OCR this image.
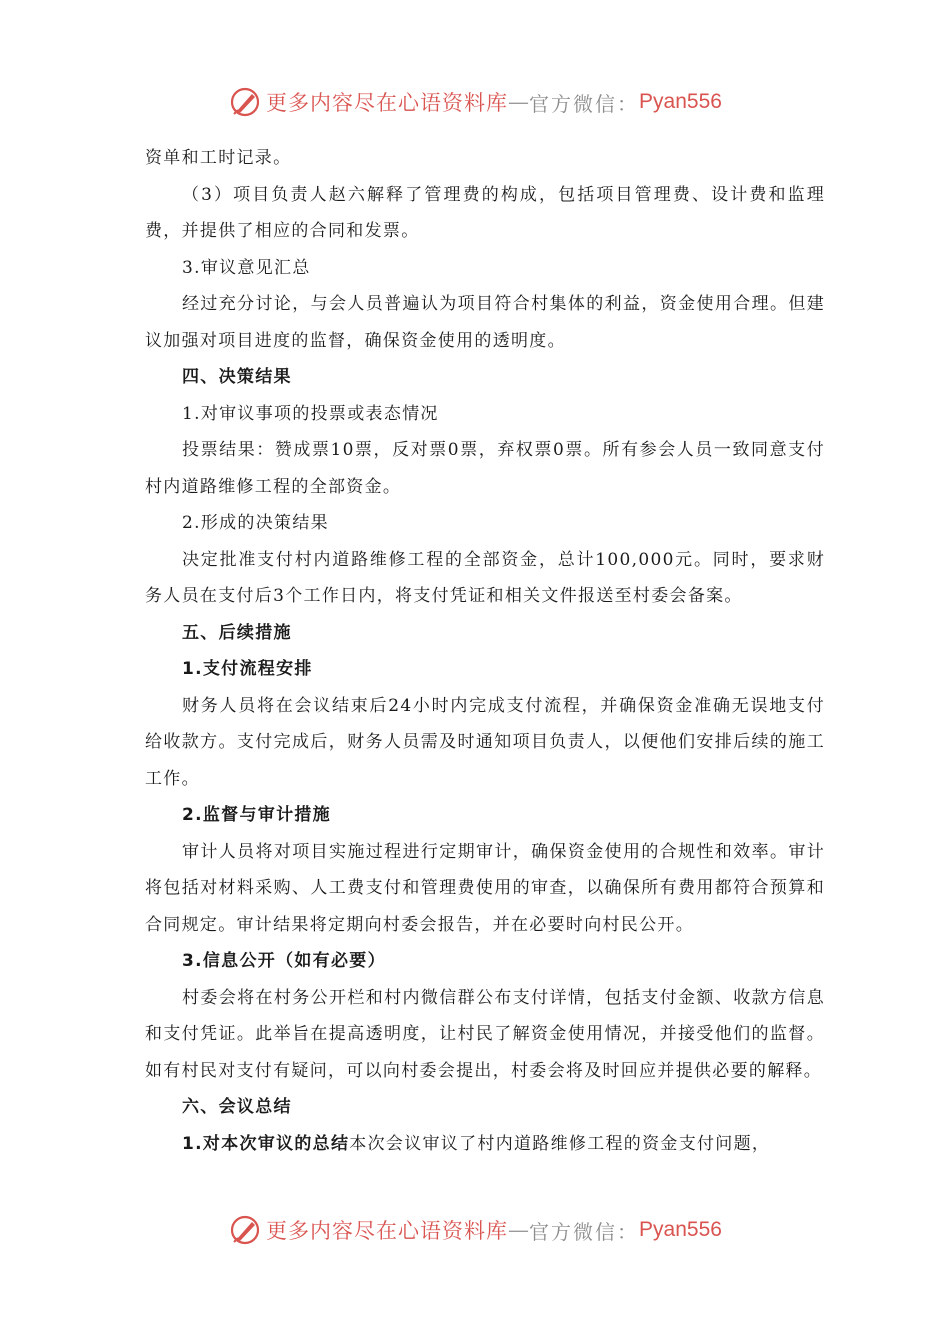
更多内容尽在心语资料库 — 官方微信： Pyan556

资单和工时记录。

（3）项目负责人赵六解释了管理费的构成，包括项目管理费、设计费和监理费，并提供了相应的合同和发票。

3.审议意见汇总

经过充分讨论，与会人员普遍认为项目符合村集体的利益，资金使用合理。但建议加强对项目进度的监督，确保资金使用的透明度。

四、决策结果

1.对审议事项的投票或表态情况

投票结果：赞成票10票，反对票0票，弃权票0票。所有参会人员一致同意支付村内道路维修工程的全部资金。

2.形成的决策结果

决定批准支付村内道路维修工程的全部资金，总计100,000元。同时，要求财务人员在支付后3个工作日内，将支付凭证和相关文件报送至村委会备案。

五、后续措施

1.支付流程安排

财务人员将在会议结束后24小时内完成支付流程，并确保资金准确无误地支付给收款方。支付完成后，财务人员需及时通知项目负责人，以便他们安排后续的施工工作。

2.监督与审计措施

审计人员将对项目实施过程进行定期审计，确保资金使用的合规性和效率。审计将包括对材料采购、人工费支付和管理费使用的审查，以确保所有费用都符合预算和合同规定。审计结果将定期向村委会报告，并在必要时向村民公开。

3.信息公开（如有必要）

村委会将在村务公开栏和村内微信群公布支付详情，包括支付金额、收款方信息和支付凭证。此举旨在提高透明度，让村民了解资金使用情况，并接受他们的监督。如有村民对支付有疑问，可以向村委会提出，村委会将及时回应并提供必要的解释。

六、会议总结

1.对本次审议的总结本次会议审议了村内道路维修工程的资金支付问题，

更多内容尽在心语资料库 — 官方微信： Pyan556
